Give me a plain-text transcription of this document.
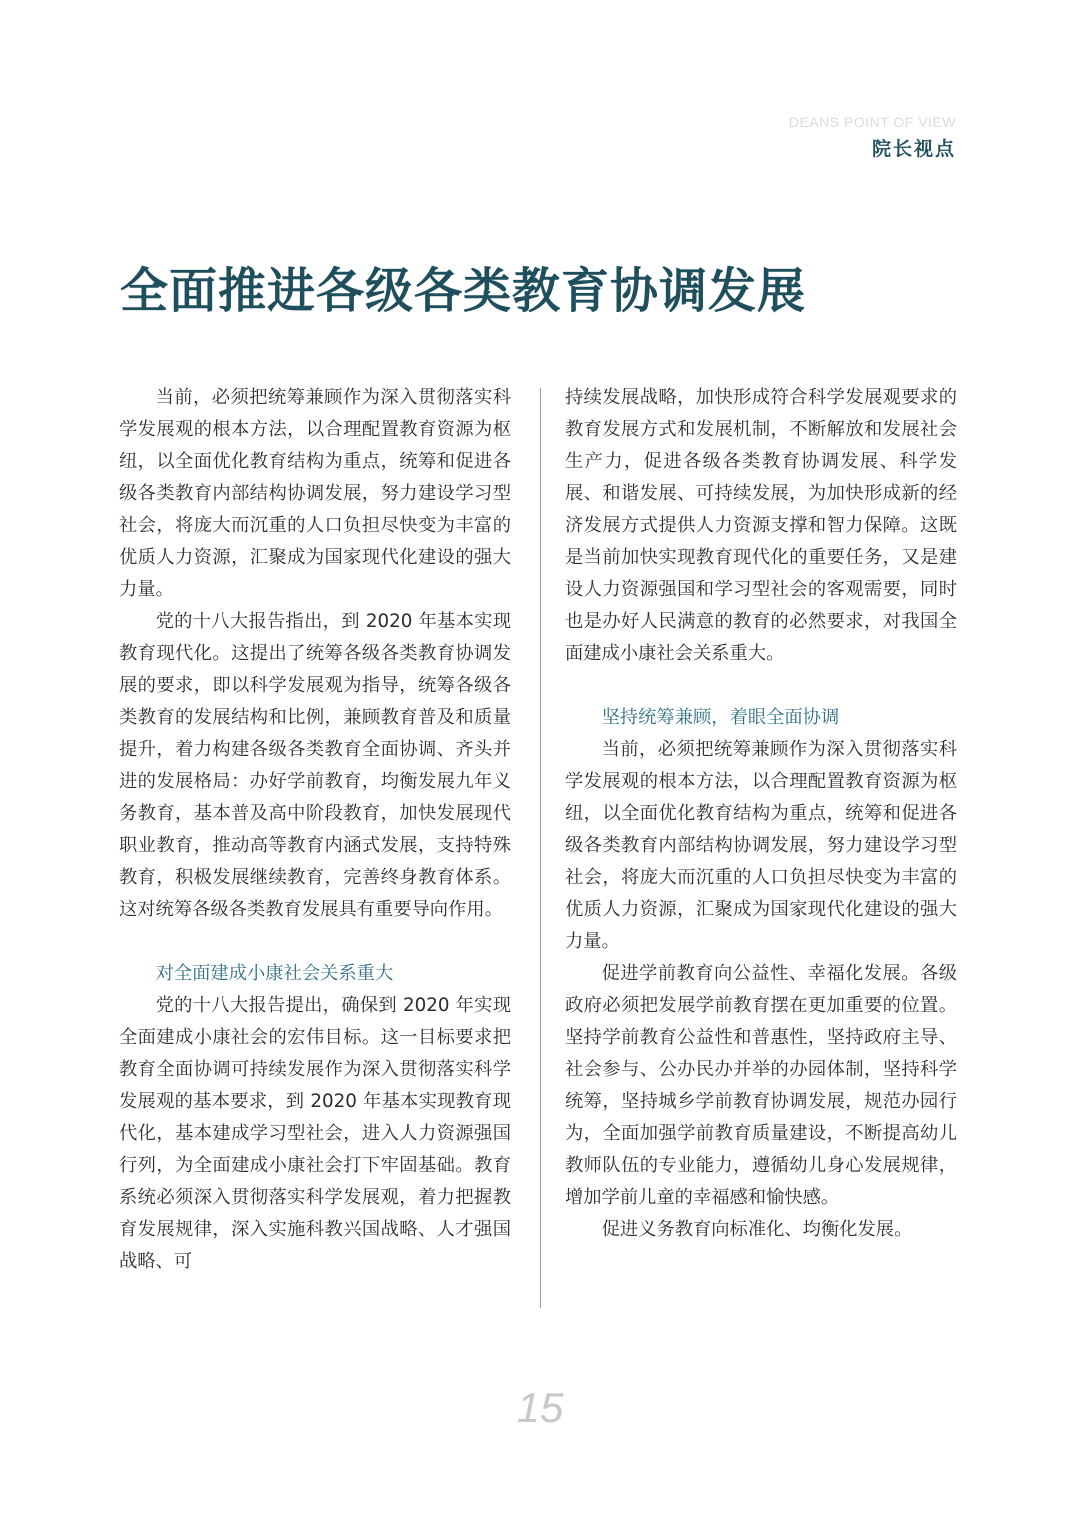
DEANS POINT OF VIEW
院长视点
全面推进各级各类教育协调发展

当前，必须把统筹兼顾作为深入贯彻落实科学发展观的根本方法，以合理配置教育资源为枢纽，以全面优化教育结构为重点，统筹和促进各级各类教育内部结构协调发展，努力建设学习型社会，将庞大而沉重的人口负担尽快变为丰富的优质人力资源，汇聚成为国家现代化建设的强大力量。

党的十八大报告指出，到 2020 年基本实现教育现代化。这提出了统筹各级各类教育协调发展的要求，即以科学发展观为指导，统筹各级各类教育的发展结构和比例，兼顾教育普及和质量提升，着力构建各级各类教育全面协调、齐头并进的发展格局：办好学前教育，均衡发展九年义务教育，基本普及高中阶段教育，加快发展现代职业教育，推动高等教育内涵式发展，支持特殊教育，积极发展继续教育，完善终身教育体系。这对统筹各级各类教育发展具有重要导向作用。

对全面建成小康社会关系重大

党的十八大报告提出，确保到 2020 年实现全面建成小康社会的宏伟目标。这一目标要求把教育全面协调可持续发展作为深入贯彻落实科学发展观的基本要求，到 2020 年基本实现教育现代化，基本建成学习型社会，进入人力资源强国行列，为全面建成小康社会打下牢固基础。教育系统必须深入贯彻落实科学发展观，着力把握教育发展规律，深入实施科教兴国战略、人才强国战略、可

持续发展战略，加快形成符合科学发展观要求的教育发展方式和发展机制，不断解放和发展社会生产力，促进各级各类教育协调发展、科学发展、和谐发展、可持续发展，为加快形成新的经济发展方式提供人力资源支撑和智力保障。这既是当前加快实现教育现代化的重要任务，又是建设人力资源强国和学习型社会的客观需要，同时也是办好人民满意的教育的必然要求，对我国全面建成小康社会关系重大。

坚持统筹兼顾，着眼全面协调

当前，必须把统筹兼顾作为深入贯彻落实科学发展观的根本方法，以合理配置教育资源为枢纽，以全面优化教育结构为重点，统筹和促进各级各类教育内部结构协调发展，努力建设学习型社会，将庞大而沉重的人口负担尽快变为丰富的优质人力资源，汇聚成为国家现代化建设的强大力量。

促进学前教育向公益性、幸福化发展。各级政府必须把发展学前教育摆在更加重要的位置。坚持学前教育公益性和普惠性，坚持政府主导、社会参与、公办民办并举的办园体制，坚持科学统筹，坚持城乡学前教育协调发展，规范办园行为，全面加强学前教育质量建设，不断提高幼儿教师队伍的专业能力，遵循幼儿身心发展规律，增加学前儿童的幸福感和愉快感。

促进义务教育向标准化、均衡化发展。

15
